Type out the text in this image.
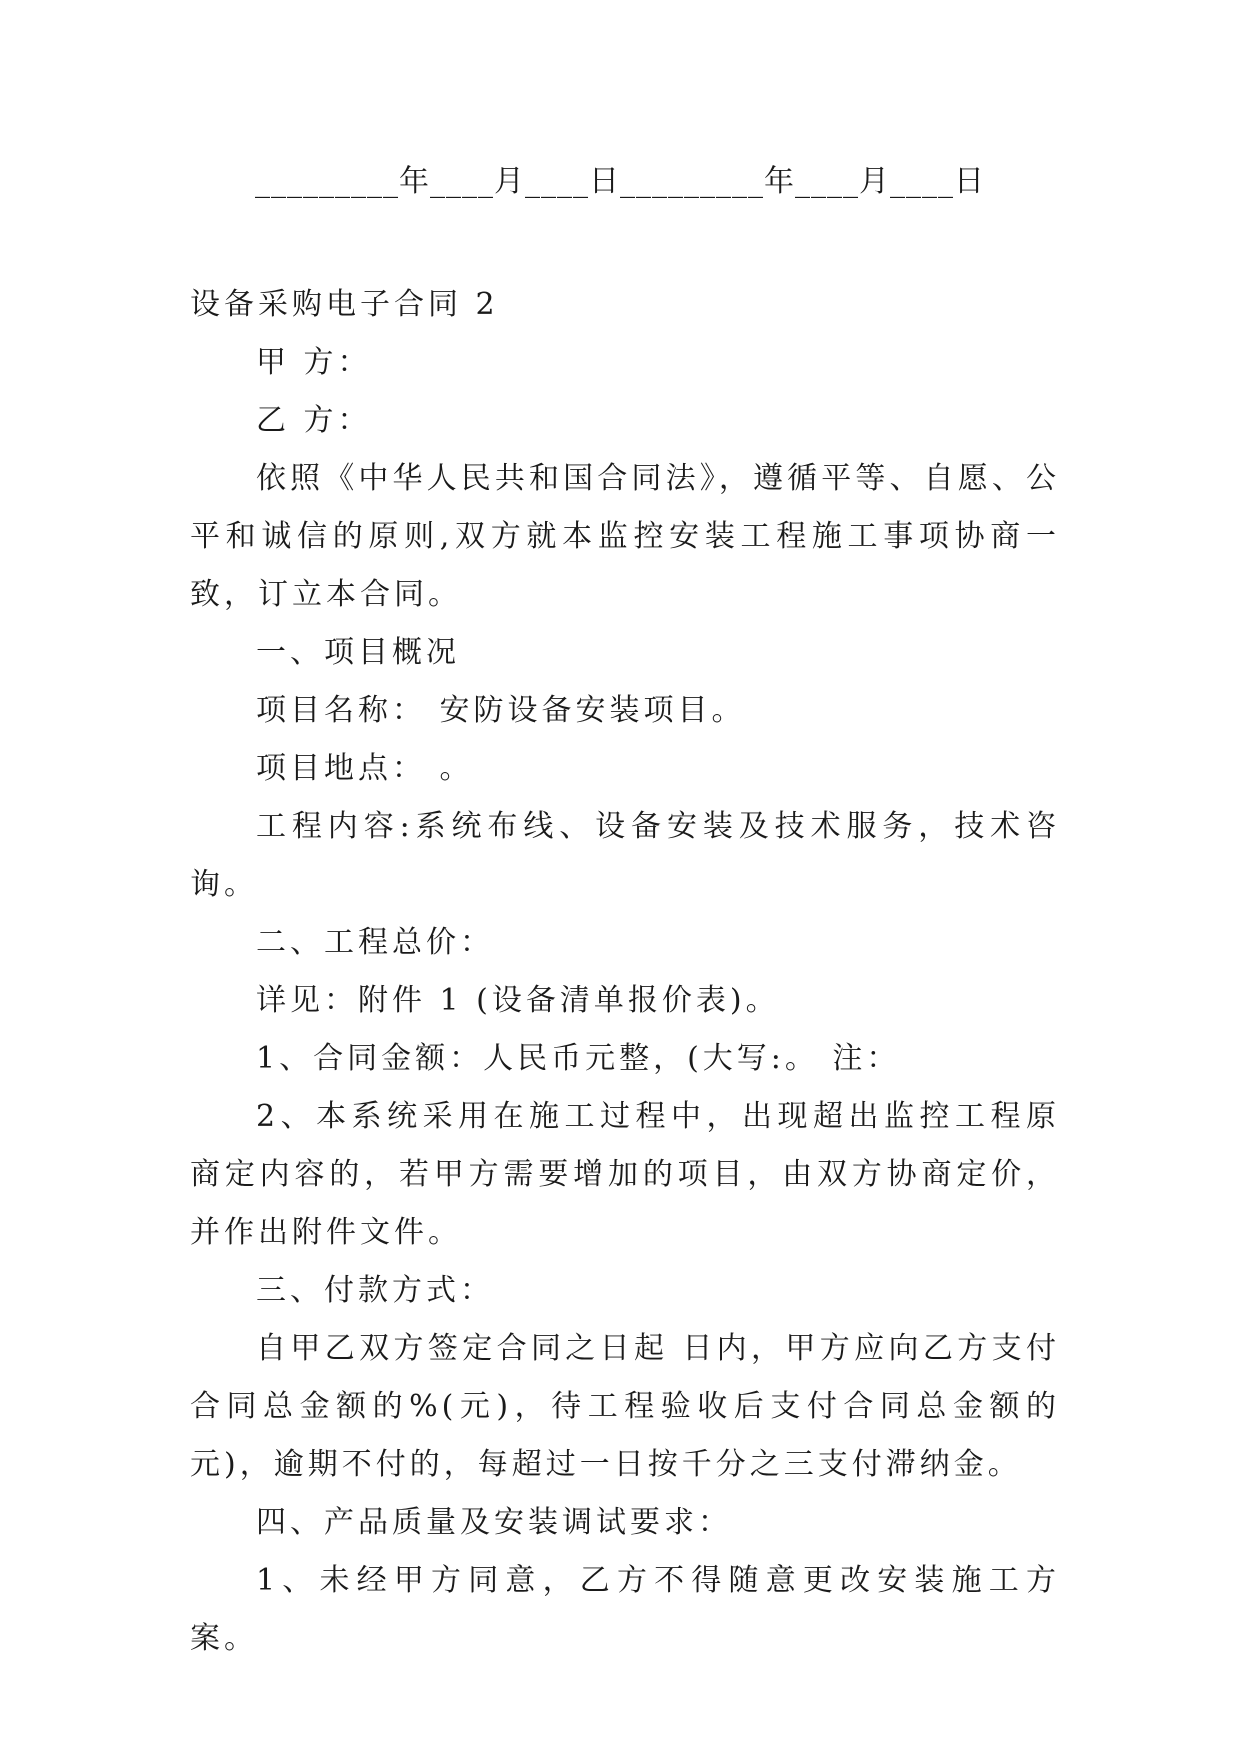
_________年____月____日_________年____月____日
设备采购电子合同 2

甲 方：

乙 方：

依照《中华人民共和国合同法》，遵循平等、自愿、公平和诚信的原则,双方就本监控安装工程施工事项协商一致，订立本合同。

一、项目概况

项目名称： 安防设备安装项目。

项目地点： 。

工程内容:系统布线、设备安装及技术服务，技术咨询。

二、工程总价：

详见：附件 1 (设备清单报价表)。

1、合同金额：人民币元整，(大写:。 注：

2、本系统采用在施工过程中，出现超出监控工程原商定内容的，若甲方需要增加的项目，由双方协商定价，并作出附件文件。

三、付款方式：

自甲乙双方签定合同之日起 日内，甲方应向乙方支付合同总金额的%(元)，待工程验收后支付合同总金额的元)，逾期不付的，每超过一日按千分之三支付滞纳金。

四、产品质量及安装调试要求：

1、未经甲方同意，乙方不得随意更改安装施工方案。
